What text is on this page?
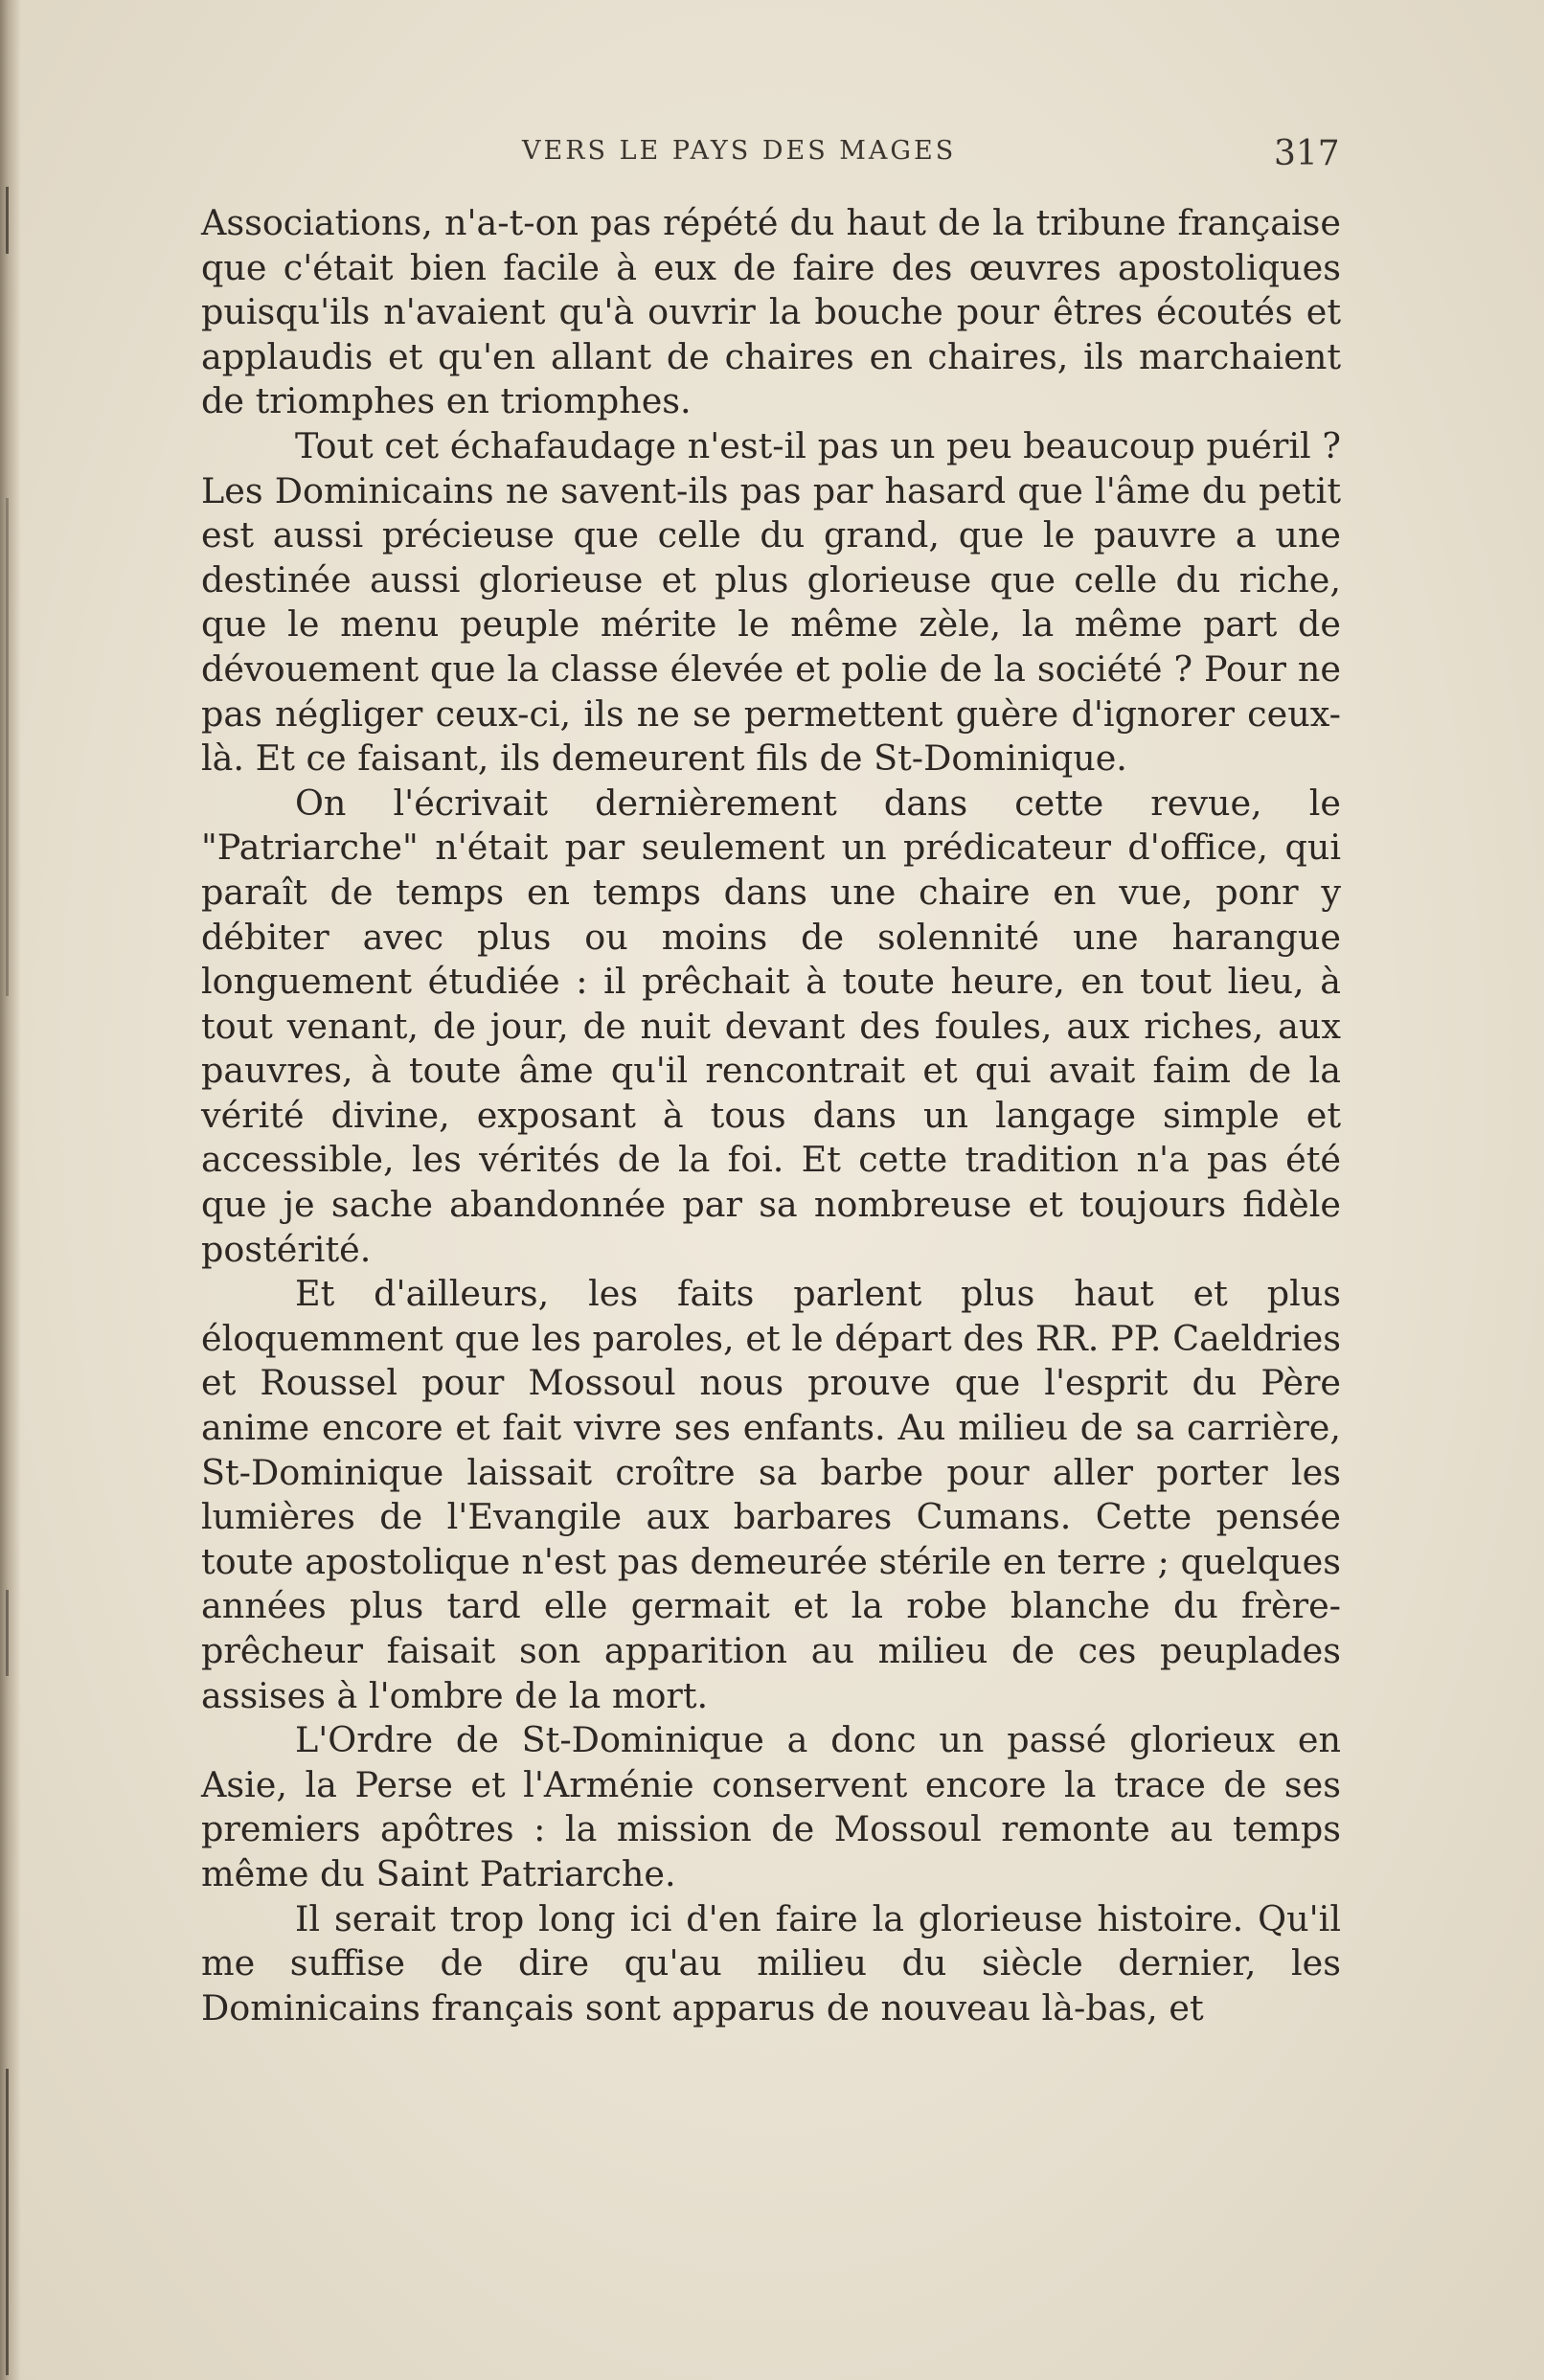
VERS LE PAYS DES MAGES	317

Associations, n'a-t-on pas répété du haut de la tribune française que c'était bien facile à eux de faire des œuvres apostoliques puisqu'ils n'avaient qu'à ouvrir la bouche pour êtres écoutés et applaudis et qu'en allant de chaires en chaires, ils marchaient de triomphes en triomphes.

Tout cet échafaudage n'est-il pas un peu beaucoup puéril ? Les Dominicains ne savent-ils pas par hasard que l'âme du petit est aussi précieuse que celle du grand, que le pauvre a une destinée aussi glorieuse et plus glorieuse que celle du riche, que le menu peuple mérite le même zèle, la même part de dévouement que la classe élevée et polie de la société ? Pour ne pas négliger ceux-ci, ils ne se permettent guère d'ignorer ceux-là. Et ce faisant, ils demeurent fils de St-Dominique.

On l'écrivait dernièrement dans cette revue, le "Patriarche" n'était par seulement un prédicateur d'office, qui paraît de temps en temps dans une chaire en vue, ponr y débiter avec plus ou moins de solennité une harangue longuement étudiée : il prêchait à toute heure, en tout lieu, à tout venant, de jour, de nuit devant des foules, aux riches, aux pauvres, à toute âme qu'il rencontrait et qui avait faim de la vérité divine, exposant à tous dans un langage simple et accessible, les vérités de la foi. Et cette tradition n'a pas été que je sache abandonnée par sa nombreuse et toujours fidèle postérité.

Et d'ailleurs, les faits parlent plus haut et plus éloquemment que les paroles, et le départ des RR. PP. Caeldries et Roussel pour Mossoul nous prouve que l'esprit du Père anime encore et fait vivre ses enfants. Au milieu de sa carrière, St-Dominique laissait croître sa barbe pour aller porter les lumières de l'Evangile aux barbares Cumans. Cette pensée toute apostolique n'est pas demeurée stérile en terre ; quelques années plus tard elle germait et la robe blanche du frère-prêcheur faisait son apparition au milieu de ces peuplades assises à l'ombre de la mort.

L'Ordre de St-Dominique a donc un passé glorieux en Asie, la Perse et l'Arménie conservent encore la trace de ses premiers apôtres : la mission de Mossoul remonte au temps même du Saint Patriarche.

Il serait trop long ici d'en faire la glorieuse histoire. Qu'il me suffise de dire qu'au milieu du siècle dernier, les Dominicains français sont apparus de nouveau là-bas, et
